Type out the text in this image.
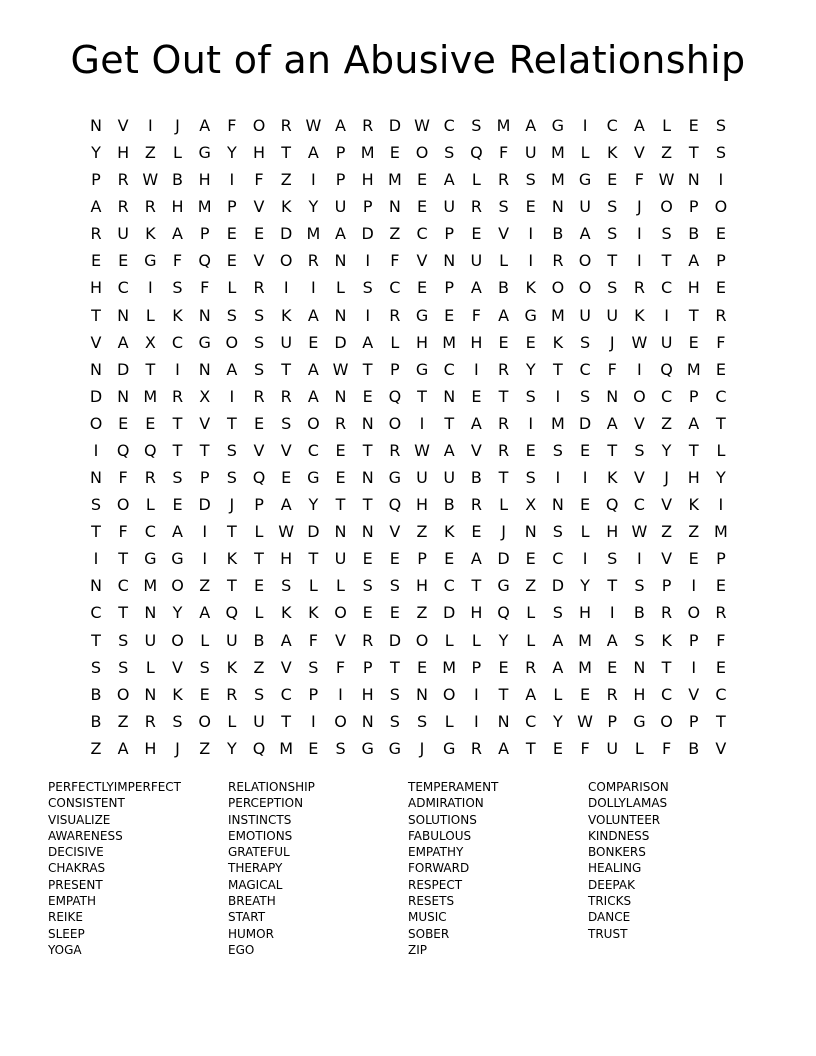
Get Out of an Abusive Relationship
N V	I	J	A	F	O R W A R D W C	S M A G	I	C A	L	E	S
Y	H Z	L	G	Y	H	T	A	P M E O S Q	F	U M L	K V Z	T	S
P	R W B H	I	F	Z	I	P	H M E	A	L	R	S M G E	F W N	I
A R R H M P	V K	Y	U	P	N	E	U R	S	E	N U	S	J	O	P	O
R U K A	P	E	E D M A D Z C	P	E	V	I	B A	S	I	S	B	E
E	E G	F	Q E	V O R N	I	F	V N U	L	I	R O T	I	T	A	P
H C	I	S	F	L	R	I	I	L	S	C	E	P	A B K O O S	R C H	E
T	N	L	K N	S	S	K A N	I	R G E	F	A G M U U K	I	T	R
V A X C G O S	U	E D A	L	H M H	E	E	K	S	J	W U	E	F
N D	T	I	N A	S	T	A W T	P	G C	I	R	Y	T	C	F	I	Q M E
D N M R X	I	R R A N	E Q T	N	E	T	S	I	S	N O C	P	C
O E	E	T	V	T	E	S O R N O	I	T	A R	I	M D A V Z A	T
I	Q Q T	T	S	V V C	E	T	R W A V R	E	S	E	T	S	Y	T	L
N	F	R	S	P	S Q E G E	N G U U B	T	S	I	I	K V	J	H	Y
S O	L	E D	J	P	A	Y	T	T Q H B R	L	X N	E Q C V K	I
T	F	C A	I	T	L W D N N V Z K	E	J	N	S	L	H W Z Z M
I	T	G G	I	K	T	H	T	U	E	E	P	E	A D E	C	I	S	I	V	E	P
N C M O Z	T	E	S	L	L	S	S	H C	T	G Z D	Y	T	S	P	I	E
C	T	N	Y	A Q	L	K K O E	E	Z D H Q	L	S	H	I	B R O R
T	S	U O	L	U B A	F	V R D O	L	L	Y	L	A M A	S	K	P	F
S	S	L	V	S	K Z V	S	F	P	T	E M P	E	R A M E	N	T	I	E
B O N K	E	R	S	C	P	I	H	S	N O	I	T	A	L	E	R H C V C
B Z R	S O	L	U	T	I	O N	S	S	L	I	N C	Y W P	G O	P	T
Z A H	J	Z	Y Q M E	S G G	J	G R A	T	E	F	U	L	F	B V
PERFECTLYIMPERFECT
CONSISTENT
VISUALIZE
AWARENESS
DECISIVE
CHAKRAS
PRESENT
EMPATH
REIKE
SLEEP
YOGA
RELATIONSHIP
PERCEPTION
INSTINCTS
EMOTIONS
GRATEFUL
THERAPY
MAGICAL
BREATH
START
HUMOR
EGO
TEMPERAMENT
ADMIRATION
SOLUTIONS
FABULOUS
EMPATHY
FORWARD
RESPECT
RESETS
MUSIC
SOBER
ZIP
COMPARISON
DOLLYLAMAS
VOLUNTEER
KINDNESS
BONKERS
HEALING
DEEPAK
TRICKS
DANCE
TRUST
